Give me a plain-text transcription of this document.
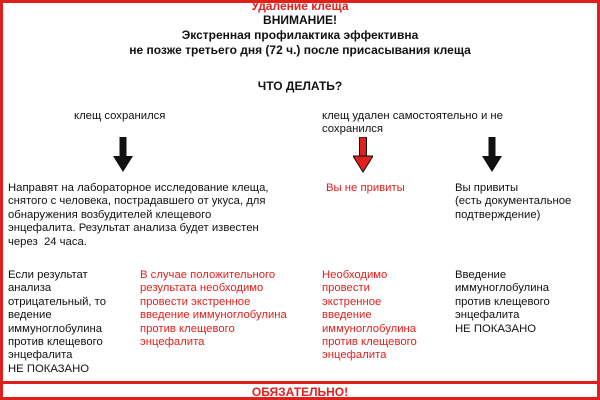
Удаление клеща
ВНИМАНИЕ!
Экстренная профилактика эффективна
не позже третьего дня (72 ч.) после присасывания клеща
ЧТО ДЕЛАТЬ?
клещ сохранился	клещ удален самостоятельно и не
сохранился
Направят на лабораторное исследование клеща,
снятого с человека, пострадавшего от укуса, для
обнаружения возбудителей клещевого
энцефалита. Результат анализа будет известен
через  24 часа.
Вы не привиты	Вы привиты
(есть документальное
подтверждение)
Если результат
анализа
отрицательный, то
ведение
иммуноглобулина
против клещевого
энцефалита
НЕ ПОКАЗАНО
В случае положительного
результата необходимо
провести экстренное
введение иммуноглобулина
против клещевого
энцефалита
Необходимо
провести
экстренное
введение
иммуноглобулина
против клещевого
энцефалита
Введение
иммуноглобулина
против клещевого
энцефалита
НЕ ПОКАЗАНО
ОБЯЗАТЕЛЬНО!
